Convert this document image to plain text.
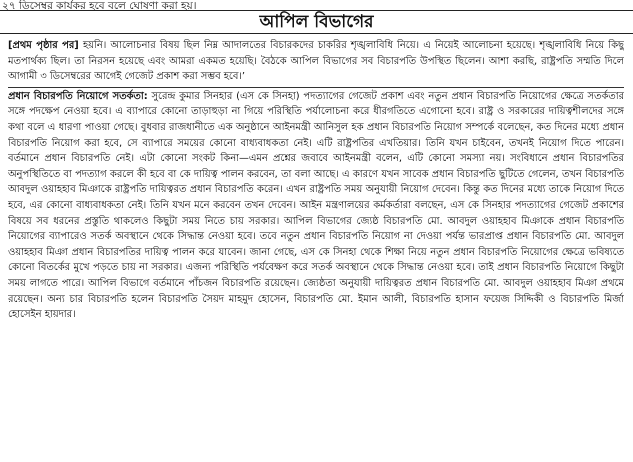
২৭ ডিসেম্বর কার্যকর হবে বলে ঘোষণা করা হয়।
আপিল বিভাগের

[প্রথম পৃষ্ঠার পর] হয়নি। আলোচনার বিষয় ছিল নিম্ন আদালতের বিচারকদের চাকরির শৃঙ্খলাবিধি নিয়ে। এ নিয়েই আলোচনা হয়েছে। শৃঙ্খলাবিধি নিয়ে কিছু মতপার্থক্য ছিল। তা নিরসন হয়েছে এবং আমরা একমত হয়েছি। বৈঠকে আপিল বিভাগের সব বিচারপতি উপস্থিত ছিলেন। আশা করছি, রাষ্ট্রপতি সম্মতি দিলে আগামী ৩ ডিসেম্বরের আগেই গেজেট প্রকাশ করা সম্ভব হবে।’

প্রধান বিচারপতি নিয়োগে সতর্কতা: সুরেন্দ্র কুমার সিনহার (এস কে সিনহা) পদত্যাগের গেজেট প্রকাশ এবং নতুন প্রধান বিচারপতি নিয়োগের ক্ষেত্রে সতর্কতার সঙ্গে পদক্ষেপ নেওয়া হবে। এ ব্যাপারে কোনো তাড়াহুড়া না গিয়ে পরিস্থিতি পর্যালোচনা করে ধীরগতিতে এগোনো হবে। রাষ্ট্র ও সরকারের দায়িত্বশীলদের সঙ্গে কথা বলে এ ধারণা পাওয়া গেছে। বুধবার রাজধানীতে এক অনুষ্ঠানে আইনমন্ত্রী আনিসুল হক প্রধান বিচারপতি নিয়োগ সম্পর্কে বলেছেন, কত দিনের মধ্যে প্রধান বিচারপতি নিয়োগ করা হবে, সে ব্যাপারে সময়ের কোনো বাধ্যবাধকতা নেই। এটি রাষ্ট্রপতির এখতিয়ার। তিনি যখন চাইবেন, তখনই নিয়োগ দিতে পারেন। বর্তমানে প্রধান বিচারপতি নেই। এটা কোনো সংকট কিনা—এমন প্রশ্নের জবাবে আইনমন্ত্রী বলেন, এটি কোনো সমস্যা নয়। সংবিধানে প্রধান বিচারপতির অনুপস্থিতিতে বা পদত্যাগ করলে কী হবে বা কে দায়িত্ব পালন করবেন, তা বলা আছে। এ কারণে যখন সাবেক প্রধান বিচারপতি ছুটিতে গেলেন, তখন বিচারপতি আবদুল ওয়াহহাব মিঞাকে রাষ্ট্রপতি দায়িত্বরত প্রধান বিচারপতি করেন। এখন রাষ্ট্রপতি সময় অনুযায়ী নিয়োগ দেবেন। কিন্তু কত দিনের মধ্যে তাকে নিয়োগ দিতে হবে, এর কোনো বাধ্যবাধকতা নেই। তিনি যখন মনে করবেন তখন দেবেন। আইন মন্ত্রণালয়ের কর্মকর্তারা বলছেন, এস কে সিনহার পদত্যাগের গেজেট প্রকাশের বিষয়ে সব ধরনের প্রস্তুতি থাকলেও কিছুটা সময় নিতে চায় সরকার। আপিল বিভাগের জ্যেষ্ঠ বিচারপতি মো. আবদুল ওয়াহহাব মিঞাকে প্রধান বিচারপতি নিয়োগের ব্যাপারেও সতর্ক অবস্থানে থেকে সিদ্ধান্ত নেওয়া হবে। তবে নতুন প্রধান বিচারপতি নিয়োগ না দেওয়া পর্যন্ত ভারপ্রাপ্ত প্রধান বিচারপতি মো. আবদুল ওয়াহহাব মিঞা প্রধান বিচারপতির দায়িত্ব পালন করে যাবেন। জানা গেছে, এস কে সিনহা থেকে শিক্ষা নিয়ে নতুন প্রধান বিচারপতি নিয়োগের ক্ষেত্রে ভবিষ্যতে কোনো বিতর্কের মুখে পড়তে চায় না সরকার। এজন্য পরিস্থিতি পর্যবেক্ষণ করে সতর্ক অবস্থানে থেকে সিদ্ধান্ত নেওয়া হবে। তাই প্রধান বিচারপতি নিয়োগে কিছুটা সময় লাগতে পারে। আপিল বিভাগে বর্তমানে পাঁচজন বিচারপতি রয়েছেন। জ্যেষ্ঠতা অনুযায়ী দায়িত্বরত প্রধান বিচারপতি মো. আবদুল ওয়াহহাব মিঞা প্রথমে রয়েছেন। অন্য চার বিচারপতি হলেন বিচারপতি সৈয়দ মাহমুদ হোসেন, বিচারপতি মো. ইমান আলী, বিচারপতি হাসান ফয়েজ সিদ্দিকী ও বিচারপতি মির্জা হোসেইন হায়দার।
